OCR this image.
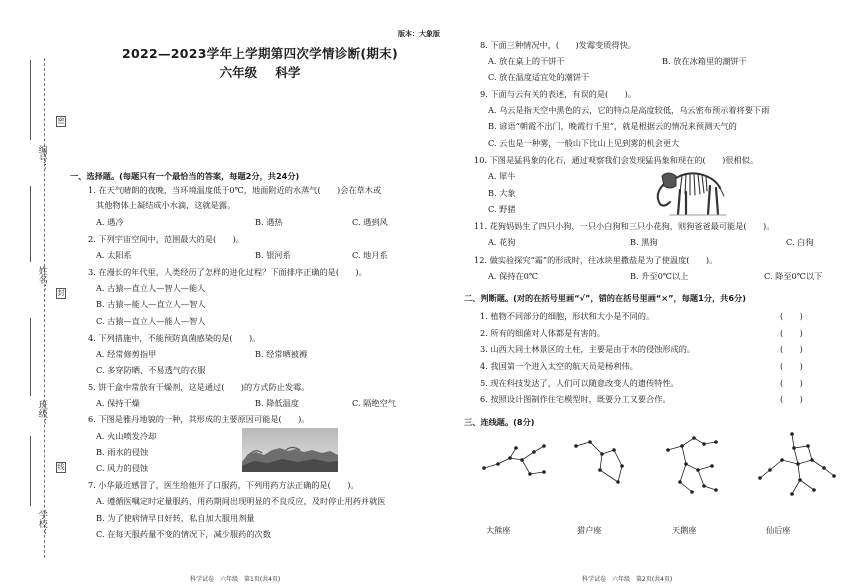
密
封
线
编号：
姓名：
班级：
学校：
版本：大象版
2022—2023学年上学期第四次学情诊断(期末)
六年级 科学
一、选择题。(每题只有一个最恰当的答案，每题2分，共24分)
1. 在天气晴朗的夜晚，当环境温度低于0℃，地面附近的水蒸气(　　)会在草木或
其他物体上凝结成小水滴，这就是露。
A. 遇冷	B. 遇热	C. 遇到风
2. 下列宇宙空间中，范围最大的是(　　)。
A. 太阳系	B. 银河系	C. 地月系
3. 在漫长的年代里，人类经历了怎样的进化过程？下面排序正确的是(　　)。
A. 古猿—直立人—智人—能人
B. 古猿—能人—直立人—智人
C. 古猿—直立人—能人—智人
4. 下列措施中，不能预防真菌感染的是(　　)。
A. 经常修剪指甲	B. 经常晒被褥
C. 多穿防晒、不易透气的衣服
5. 饼干盒中常放有干燥剂，这是通过(　　)的方式防止发霉。
A. 保持干燥	B. 降低温度	C. 隔绝空气
6. 下图是雅丹地貌的一种，其形成的主要原因可能是(　　)。
A. 火山喷发冷却
B. 雨水的侵蚀
C. 风力的侵蚀
7. 小华最近感冒了，医生给他开了口服药，下列用药方法正确的是(　　)。
A. 遵循医嘱定时定量服药，用药期间出现明显的不良反应，及时停止用药并就医
B. 为了使病情早日好转，私自加大服用剂量
C. 在每天服药量不变的情况下，减少服药的次数
科学试卷　六年级　第1页(共4页)
8. 下面三种情况中，(　　)发霉变质得快。
A. 放在桌上的干饼干	B. 放在冰箱里的潮饼干
C. 放在温度适宜处的潮饼干
9. 下面与云有关的表述，有误的是(　　)。
A. 乌云是指天空中黑色的云，它的特点是高度较低，乌云密布预示着将要下雨
B. 谚语“朝霞不出门，晚霞行千里”，就是根据云的情况来预测天气的
C. 云也是一种雾，一般山下比山上见到雾的机会更大
10. 下图是猛犸象的化石，通过观察我们会发现猛犸象和现在的(　　)很相似。
A. 犀牛
B. 大象
C. 野猪
11. 花狗妈妈生了四只小狗，一只小白狗和三只小花狗，则狗爸爸最可能是(　　)。
A. 花狗	B. 黑狗	C. 白狗
12. 做实验探究“霜”的形成时，往冰块里撒盐是为了使温度(　　)。
A. 保持在0℃	B. 升至0℃以上	C. 降至0℃以下
二、判断题。(对的在括号里画“√”，错的在括号里画“×”，每题1分，共6分)
1. 植物不同部分的细胞，形状和大小是不同的。	(　　)
2. 所有的细菌对人体都是有害的。	(　　)
3. 山西大同土林景区的土柱，主要是由于水的侵蚀形成的。	(　　)
4. 我国第一个进入太空的航天员是杨利伟。	(　　)
5. 现在科技发达了，人们可以随意改变人的遗传特性。	(　　)
6. 按照设计图制作住宅模型时，既要分工又要合作。	(　　)
三、连线题。(8分)
大熊座	猎户座	天鹅座	仙后座
科学试卷　六年级　第2页(共4页)
